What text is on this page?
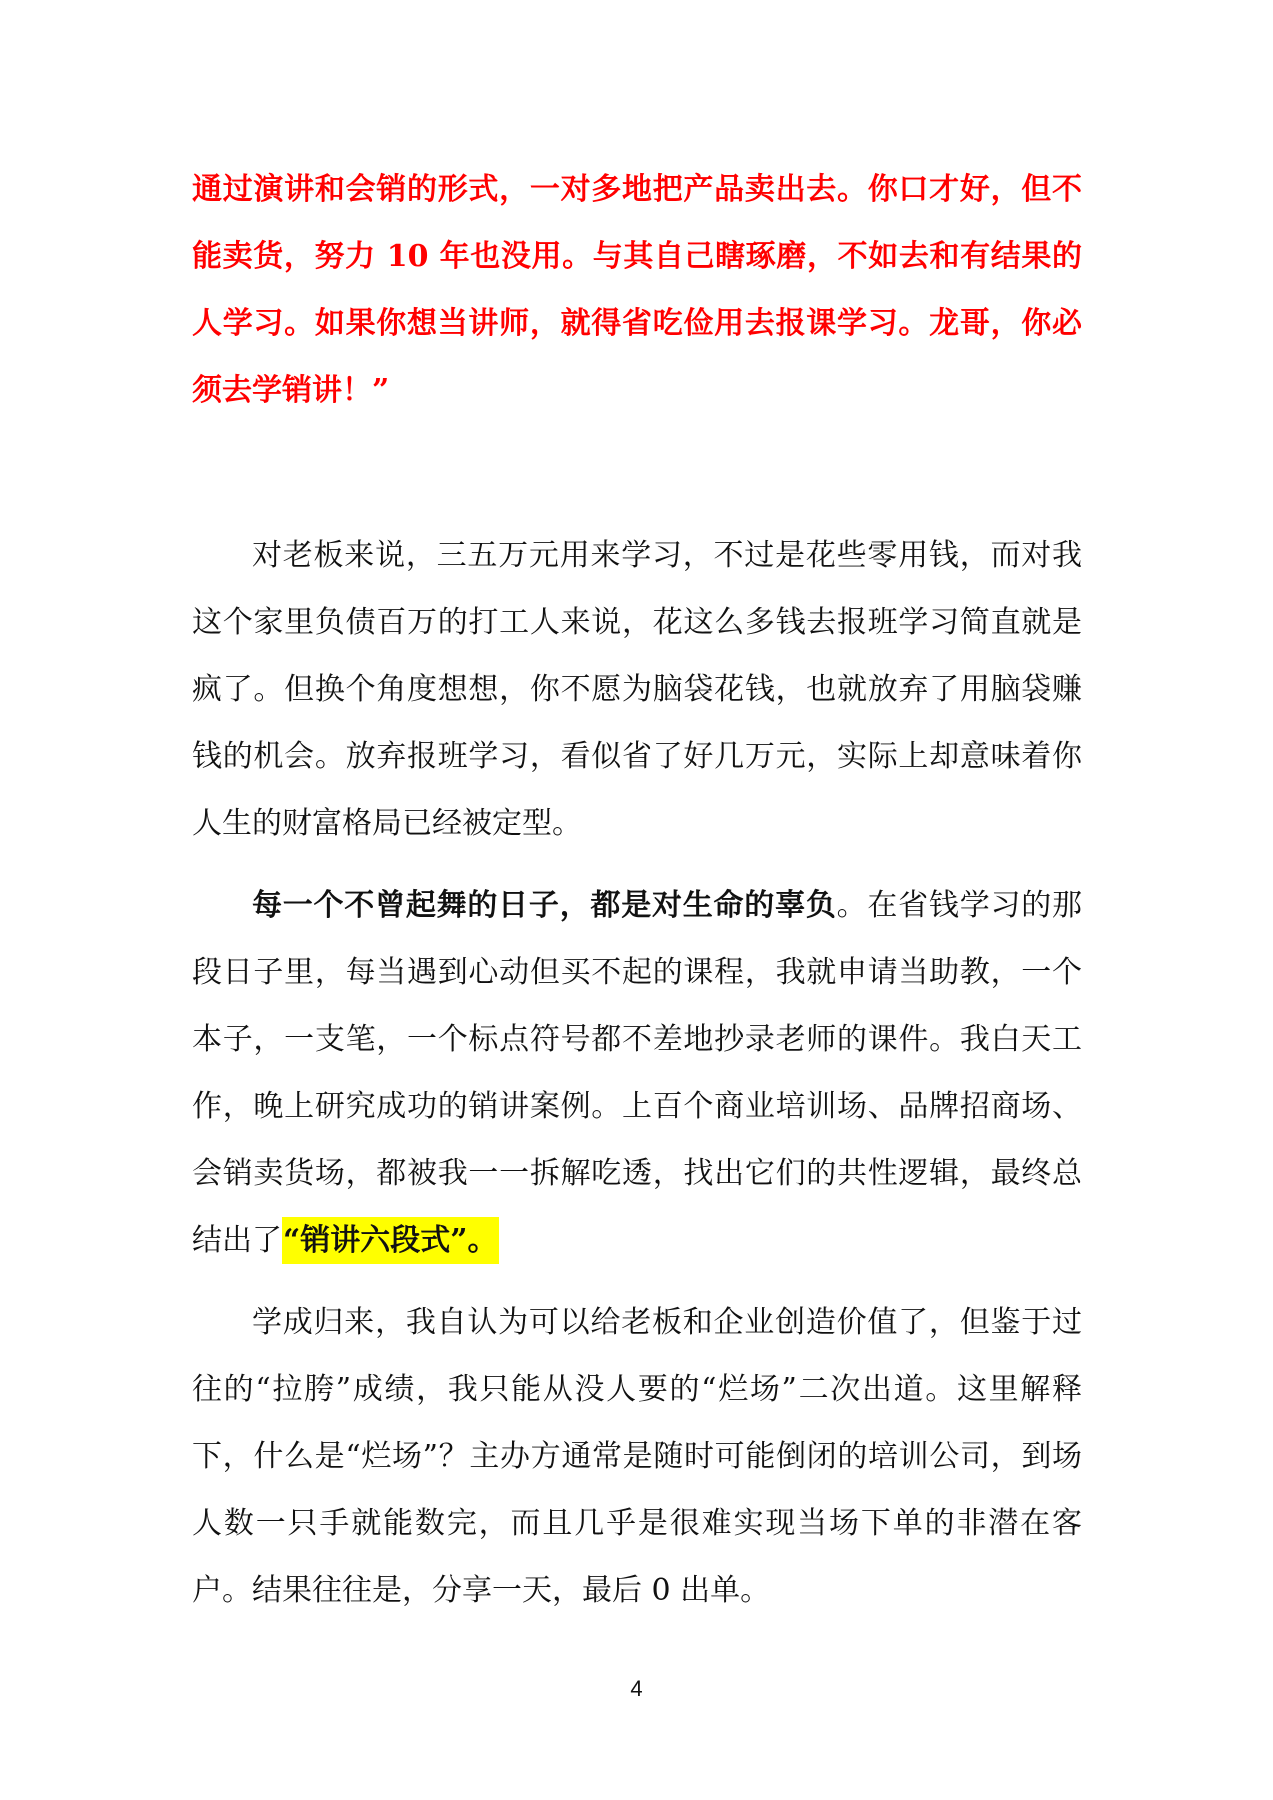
通过演讲和会销的形式，一对多地把产品卖出去。你口才好，但不能卖货，努力 10 年也没用。与其自己瞎琢磨，不如去和有结果的人学习。如果你想当讲师，就得省吃俭用去报课学习。龙哥，你必须去学销讲！”

对老板来说，三五万元用来学习，不过是花些零用钱，而对我这个家里负债百万的打工人来说，花这么多钱去报班学习简直就是疯了。但换个角度想想，你不愿为脑袋花钱，也就放弃了用脑袋赚钱的机会。放弃报班学习，看似省了好几万元，实际上却意味着你人生的财富格局已经被定型。

每一个不曾起舞的日子，都是对生命的辜负。在省钱学习的那段日子里，每当遇到心动但买不起的课程，我就申请当助教，一个本子，一支笔，一个标点符号都不差地抄录老师的课件。我白天工作，晚上研究成功的销讲案例。上百个商业培训场、品牌招商场、会销卖货场，都被我一一拆解吃透，找出它们的共性逻辑，最终总结出了“销讲六段式”。

学成归来，我自认为可以给老板和企业创造价值了，但鉴于过往的“拉胯”成绩，我只能从没人要的“烂场”二次出道。这里解释下，什么是“烂场”？主办方通常是随时可能倒闭的培训公司，到场人数一只手就能数完，而且几乎是很难实现当场下单的非潜在客户。结果往往是，分享一天，最后 0 出单。

4
